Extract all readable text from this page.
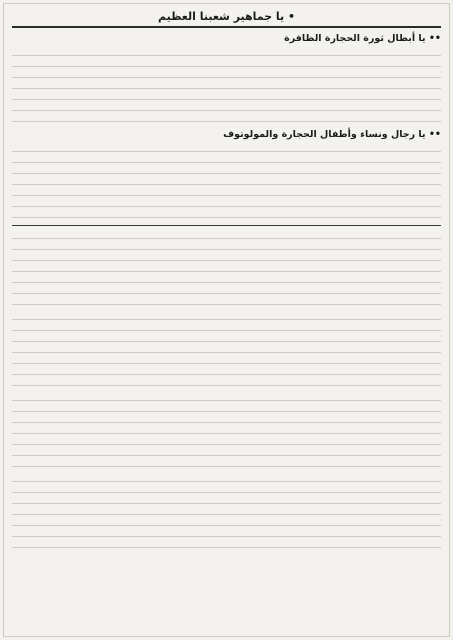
• يا جماهير شعبنا العظيم
• • يا أبطال ثورة الحجارة الظافرة
• • يا رجال ونساء وأطفال الحجارة والمولوتوف
